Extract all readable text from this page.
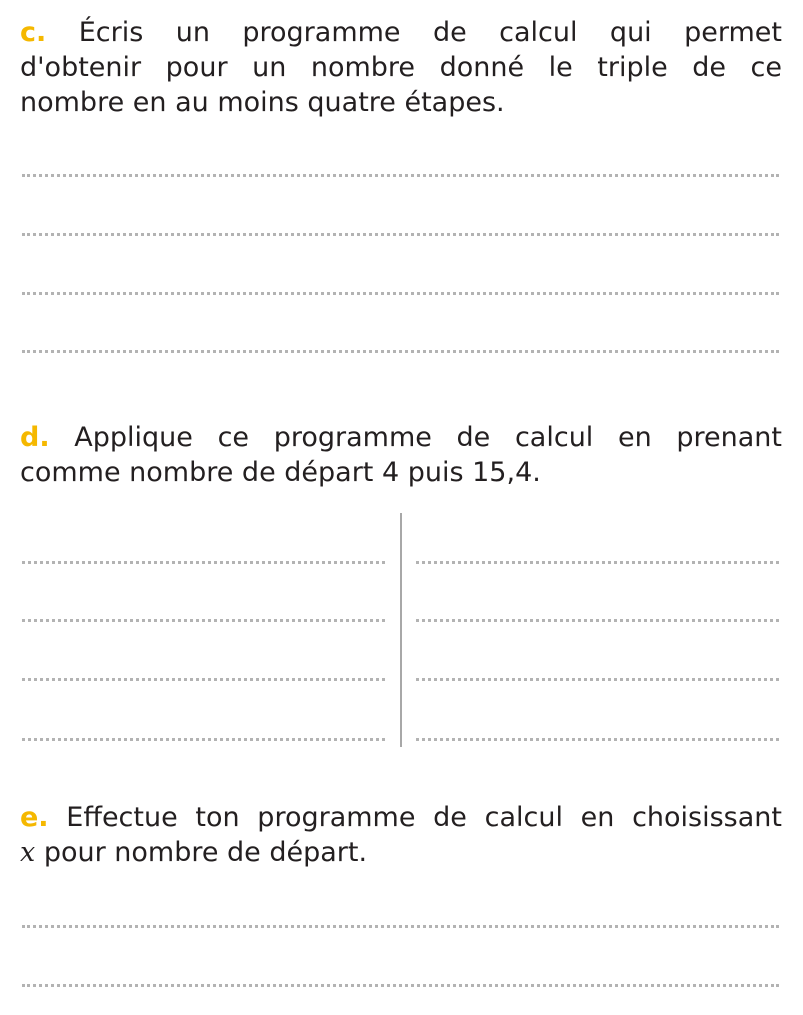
c. Écris un programme de calcul qui permet
d'obtenir pour un nombre donné le triple de ce
nombre en au moins quatre étapes.
d. Applique ce programme de calcul en prenant
comme nombre de départ 4 puis 15,4.
e. Effectue ton programme de calcul en choisissant
x pour nombre de départ.
